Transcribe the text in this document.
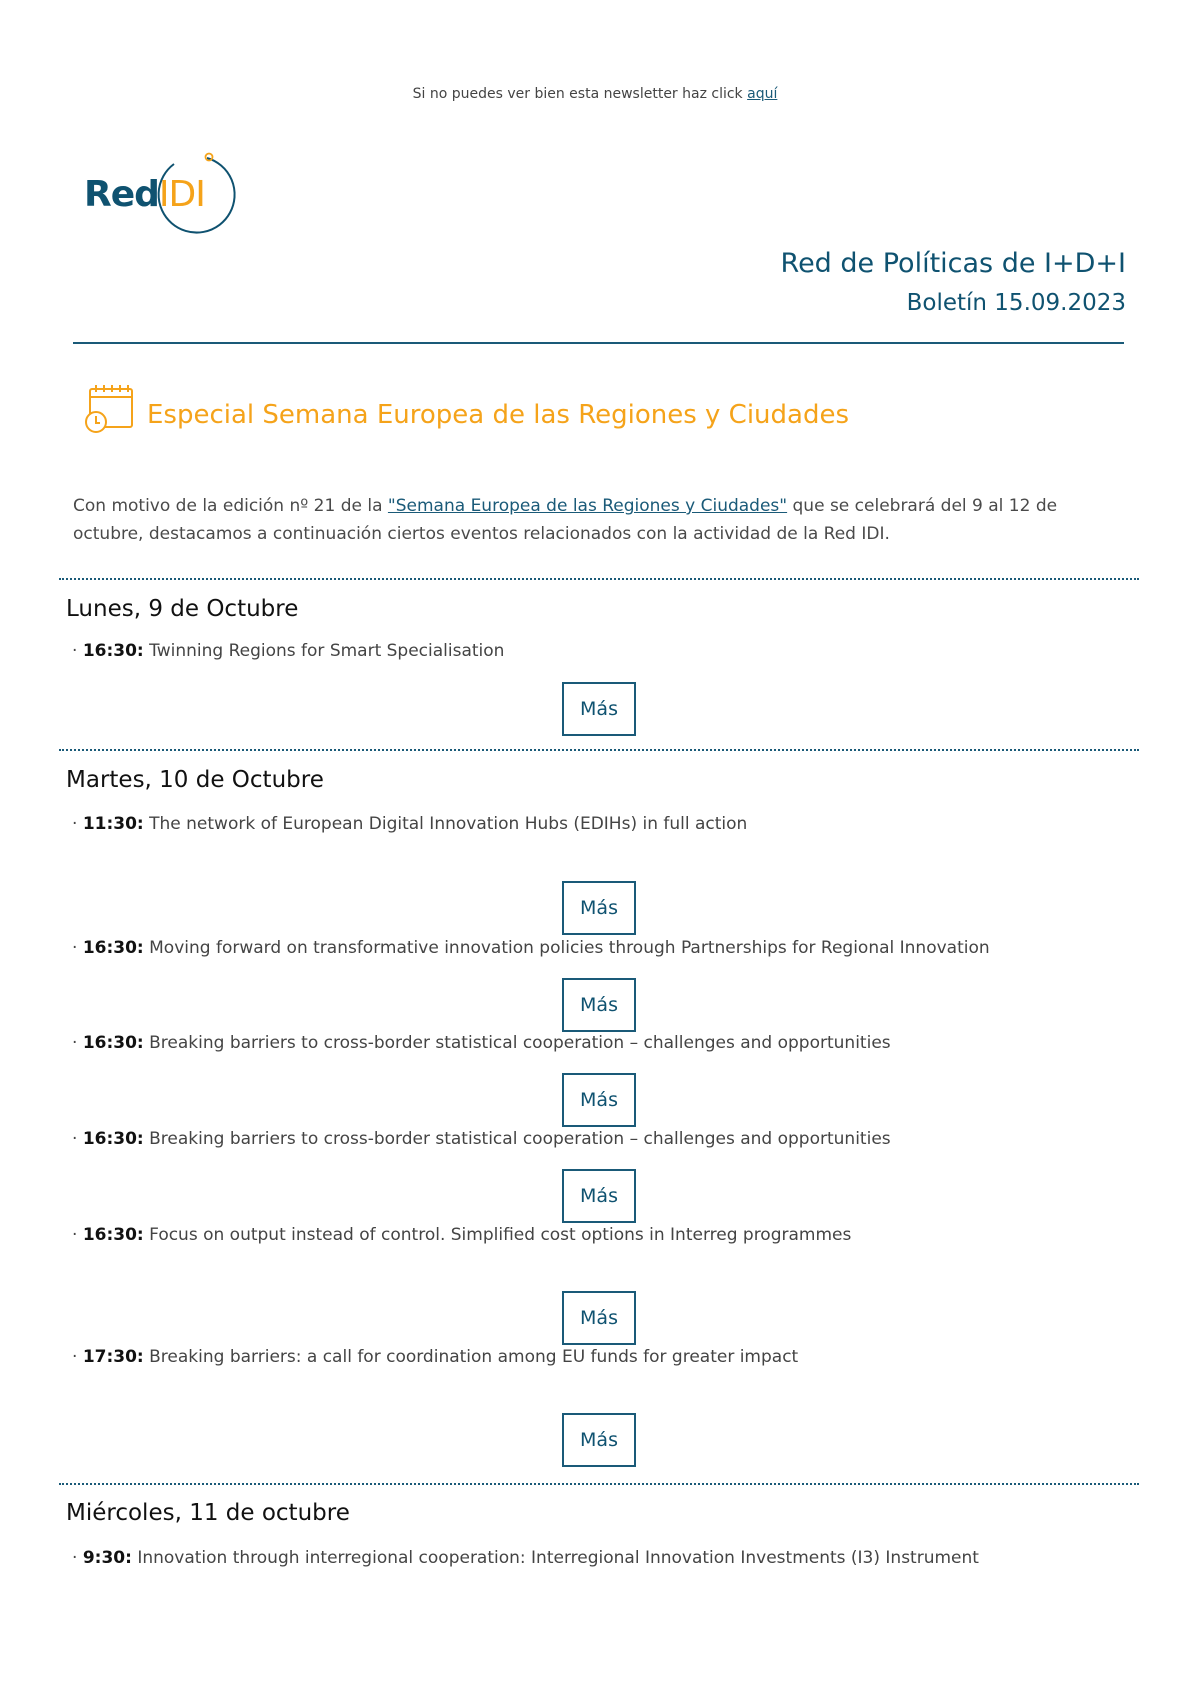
Si no puedes ver bien esta newsletter haz click aquí
RedIDI
Red de Políticas de I+D+I
Boletín 15.09.2023
Especial Semana Europea de las Regiones y Ciudades
Con motivo de la edición nº 21 de la "Semana Europea de las Regiones y Ciudades" que se celebrará del 9 al 12 de octubre, destacamos a continuación ciertos eventos relacionados con la actividad de la Red IDI.
Lunes, 9 de Octubre
· 16:30: Twinning Regions for Smart Specialisation
Más
Martes, 10 de Octubre
· 11:30: The network of European Digital Innovation Hubs (EDIHs) in full action
Más
· 16:30: Moving forward on transformative innovation policies through Partnerships for Regional Innovation
Más
· 16:30: Breaking barriers to cross-border statistical cooperation – challenges and opportunities
Más
· 16:30: Breaking barriers to cross-border statistical cooperation – challenges and opportunities
Más
· 16:30: Focus on output instead of control. Simplified cost options in Interreg programmes
Más
· 17:30: Breaking barriers: a call for coordination among EU funds for greater impact
Más
Miércoles, 11 de octubre
· 9:30: Innovation through interregional cooperation: Interregional Innovation Investments (I3) Instrument
